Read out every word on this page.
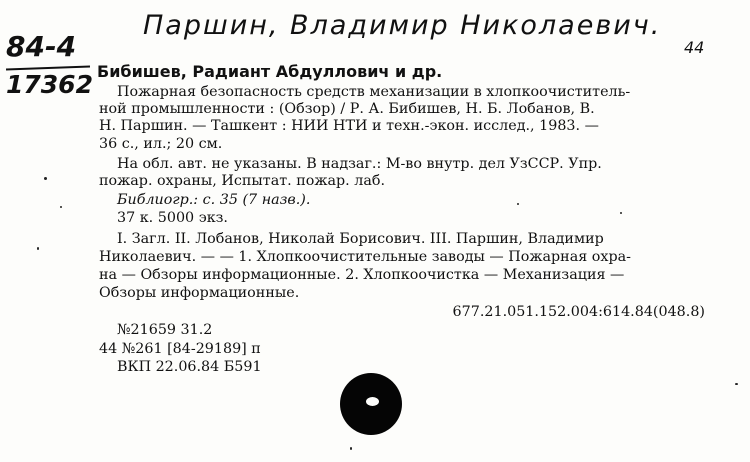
Паршин, Владимир Николаевич.
84-4
17362
44
Бибишев, Радиант Абдуллович и др.
Пожарная безопасность средств механизации в хлопкоочиститель-
ной промышленности : (Обзор) / Р. А. Бибишев, Н. Б. Лобанов, В.
Н. Паршин. — Ташкент : НИИ НТИ и техн.-экон. исслед., 1983. —
36 с., ил.; 20 см.
На обл. авт. не указаны. В надзаг.: М-во внутр. дел УзССР. Упр.
пожар. охраны, Испытат. пожар. лаб.
Библиогр.: с. 35 (7 назв.).
37 к. 5000 экз.
I. Загл. II. Лобанов, Николай Борисович. III. Паршин, Владимир
Николаевич. — — 1. Хлопкоочистительные заводы — Пожарная охра-
на — Обзоры информационные. 2. Хлопкоочистка — Механизация —
Обзоры информационные.
677.21.051.152.004:614.84(048.8)
№21659 31.2
44 №261 [84-29189] п
ВКП 22.06.84 Б591
